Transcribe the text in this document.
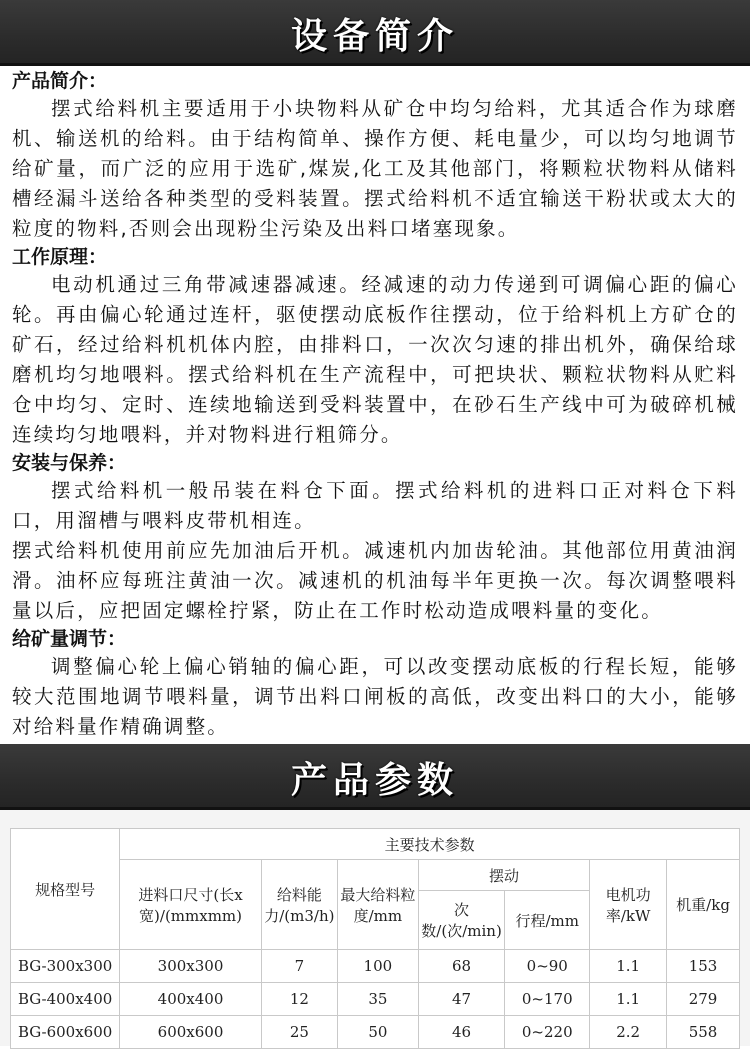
设备简介

产品简介：

摆式给料机主要适用于小块物料从矿仓中均匀给料，尤其适合作为球磨机、输送机的给料。由于结构简单、操作方便、耗电量少，可以均匀地调节给矿量，而广泛的应用于选矿,煤炭,化工及其他部门，将颗粒状物料从储料槽经漏斗送给各种类型的受料装置。摆式给料机不适宜输送干粉状或太大的粒度的物料,否则会出现粉尘污染及出料口堵塞现象。

工作原理：

电动机通过三角带减速器减速。经减速的动力传递到可调偏心距的偏心轮。再由偏心轮通过连杆，驱使摆动底板作往摆动，位于给料机上方矿仓的矿石，经过给料机机体内腔，由排料口，一次次匀速的排出机外，确保给球磨机均匀地喂料。摆式给料机在生产流程中，可把块状、颗粒状物料从贮料仓中均匀、定时、连续地输送到受料装置中，在砂石生产线中可为破碎机械连续均匀地喂料，并对物料进行粗筛分。

安装与保养：

摆式给料机一般吊装在料仓下面。摆式给料机的进料口正对料仓下料口，用溜槽与喂料皮带机相连。

摆式给料机使用前应先加油后开机。减速机内加齿轮油。其他部位用黄油润滑。油杯应每班注黄油一次。减速机的机油每半年更换一次。每次调整喂料量以后，应把固定螺栓拧紧，防止在工作时松动造成喂料量的变化。

给矿量调节：

调整偏心轮上偏心销轴的偏心距，可以改变摆动底板的行程长短，能够较大范围地调节喂料量，调节出料口闸板的高低，改变出料口的大小，能够对给料量作精确调整。

产品参数
规格型号	主要技术参数						
	进料口尺寸(长x宽)/(mmxmm)	给料能力/(m3/h)	最大给料粒度/mm	摆动		电机功率/kW	机重/kg
				次数/(次/min)	行程/mm		
BG-300x300	300x300	7	100	68	0~90	1.1	153
BG-400x400	400x400	12	35	47	0~170	1.1	279
BG-600x600	600x600	25	50	46	0~220	2.2	558
